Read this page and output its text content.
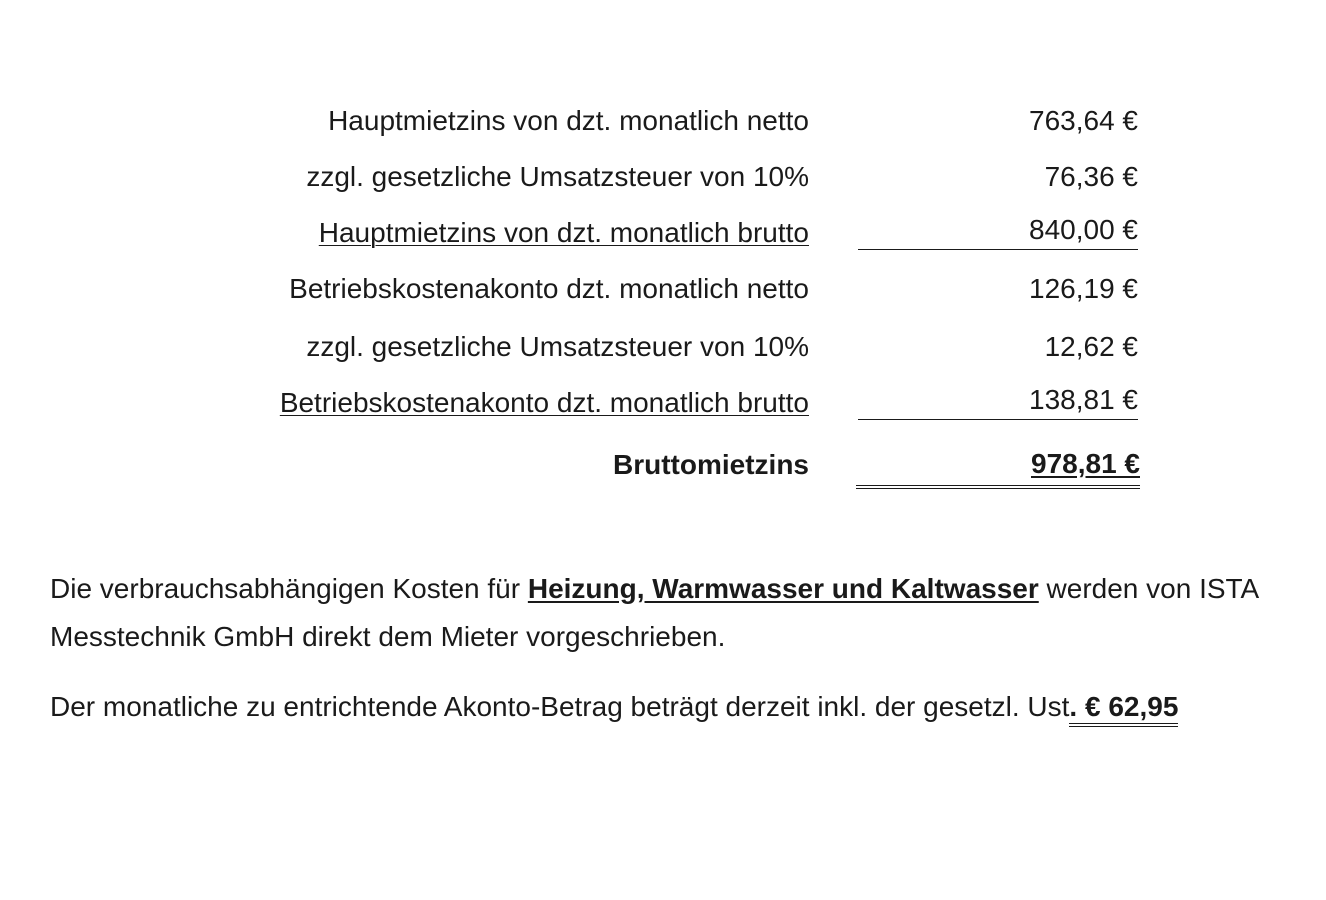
Hauptmietzins von dzt. monatlich netto	763,64 €
zzgl. gesetzliche Umsatzsteuer von 10%	76,36 €
Hauptmietzins von dzt. monatlich brutto	840,00 €
Betriebskostenakonto dzt. monatlich netto	126,19 €
zzgl. gesetzliche Umsatzsteuer von 10%	12,62 €
Betriebskostenakonto dzt. monatlich brutto	138,81 €
Bruttomietzins	978,81 €

Die verbrauchsabhängigen Kosten für Heizung, Warmwasser und Kaltwasser werden von ISTA Messtechnik GmbH direkt dem Mieter vorgeschrieben.

Der monatliche zu entrichtende Akonto-Betrag beträgt derzeit inkl. der gesetzl. Ust. € 62,95
